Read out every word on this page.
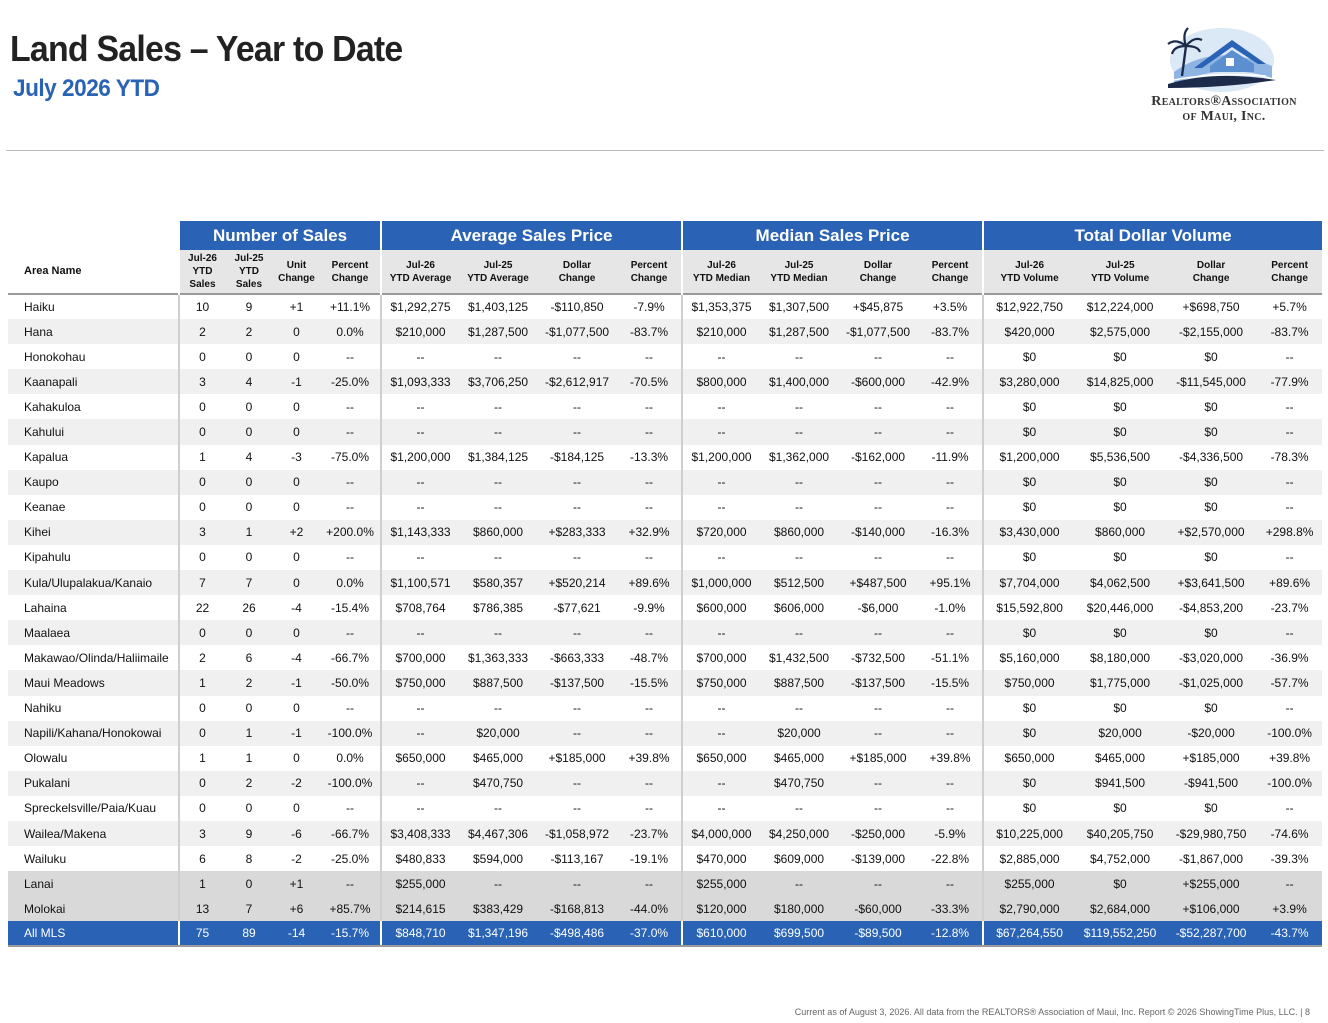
Land Sales – Year to Date
July 2026 YTD	Realtors®Association
of Maui, Inc.
	Number of Sales				Average Sales Price				Median Sales Price				Total Dollar Volume			
Area Name	Jul-26
YTD
Sales	Jul-25
YTD
Sales	Unit
Change	Percent
Change	Jul-26
YTD Average	Jul-25
YTD Average	Dollar
Change	Percent
Change	Jul-26
YTD Median	Jul-25
YTD Median	Dollar
Change	Percent
Change	Jul-26
YTD Volume	Jul-25
YTD Volume	Dollar
Change	Percent
Change
Haiku	10	9	+1	+11.1%	$1,292,275	$1,403,125	-$110,850	-7.9%	$1,353,375	$1,307,500	+$45,875	+3.5%	$12,922,750	$12,224,000	+$698,750	+5.7%
Hana	2	2	0	0.0%	$210,000	$1,287,500	-$1,077,500	-83.7%	$210,000	$1,287,500	-$1,077,500	-83.7%	$420,000	$2,575,000	-$2,155,000	-83.7%
Honokohau	0	0	0	--	--	--	--	--	--	--	--	--	$0	$0	$0	--
Kaanapali	3	4	-1	-25.0%	$1,093,333	$3,706,250	-$2,612,917	-70.5%	$800,000	$1,400,000	-$600,000	-42.9%	$3,280,000	$14,825,000	-$11,545,000	-77.9%
Kahakuloa	0	0	0	--	--	--	--	--	--	--	--	--	$0	$0	$0	--
Kahului	0	0	0	--	--	--	--	--	--	--	--	--	$0	$0	$0	--
Kapalua	1	4	-3	-75.0%	$1,200,000	$1,384,125	-$184,125	-13.3%	$1,200,000	$1,362,000	-$162,000	-11.9%	$1,200,000	$5,536,500	-$4,336,500	-78.3%
Kaupo	0	0	0	--	--	--	--	--	--	--	--	--	$0	$0	$0	--
Keanae	0	0	0	--	--	--	--	--	--	--	--	--	$0	$0	$0	--
Kihei	3	1	+2	+200.0%	$1,143,333	$860,000	+$283,333	+32.9%	$720,000	$860,000	-$140,000	-16.3%	$3,430,000	$860,000	+$2,570,000	+298.8%
Kipahulu	0	0	0	--	--	--	--	--	--	--	--	--	$0	$0	$0	--
Kula/Ulupalakua/Kanaio	7	7	0	0.0%	$1,100,571	$580,357	+$520,214	+89.6%	$1,000,000	$512,500	+$487,500	+95.1%	$7,704,000	$4,062,500	+$3,641,500	+89.6%
Lahaina	22	26	-4	-15.4%	$708,764	$786,385	-$77,621	-9.9%	$600,000	$606,000	-$6,000	-1.0%	$15,592,800	$20,446,000	-$4,853,200	-23.7%
Maalaea	0	0	0	--	--	--	--	--	--	--	--	--	$0	$0	$0	--
Makawao/Olinda/Haliimaile	2	6	-4	-66.7%	$700,000	$1,363,333	-$663,333	-48.7%	$700,000	$1,432,500	-$732,500	-51.1%	$5,160,000	$8,180,000	-$3,020,000	-36.9%
Maui Meadows	1	2	-1	-50.0%	$750,000	$887,500	-$137,500	-15.5%	$750,000	$887,500	-$137,500	-15.5%	$750,000	$1,775,000	-$1,025,000	-57.7%
Nahiku	0	0	0	--	--	--	--	--	--	--	--	--	$0	$0	$0	--
Napili/Kahana/Honokowai	0	1	-1	-100.0%	--	$20,000	--	--	--	$20,000	--	--	$0	$20,000	-$20,000	-100.0%
Olowalu	1	1	0	0.0%	$650,000	$465,000	+$185,000	+39.8%	$650,000	$465,000	+$185,000	+39.8%	$650,000	$465,000	+$185,000	+39.8%
Pukalani	0	2	-2	-100.0%	--	$470,750	--	--	--	$470,750	--	--	$0	$941,500	-$941,500	-100.0%
Spreckelsville/Paia/Kuau	0	0	0	--	--	--	--	--	--	--	--	--	$0	$0	$0	--
Wailea/Makena	3	9	-6	-66.7%	$3,408,333	$4,467,306	-$1,058,972	-23.7%	$4,000,000	$4,250,000	-$250,000	-5.9%	$10,225,000	$40,205,750	-$29,980,750	-74.6%
Wailuku	6	8	-2	-25.0%	$480,833	$594,000	-$113,167	-19.1%	$470,000	$609,000	-$139,000	-22.8%	$2,885,000	$4,752,000	-$1,867,000	-39.3%
Lanai	1	0	+1	--	$255,000	--	--	--	$255,000	--	--	--	$255,000	$0	+$255,000	--
Molokai	13	7	+6	+85.7%	$214,615	$383,429	-$168,813	-44.0%	$120,000	$180,000	-$60,000	-33.3%	$2,790,000	$2,684,000	+$106,000	+3.9%
All MLS	75	89	-14	-15.7%	$848,710	$1,347,196	-$498,486	-37.0%	$610,000	$699,500	-$89,500	-12.8%	$67,264,550	$119,552,250	-$52,287,700	-43.7%
Current as of August 3, 2026. All data from the REALTORS® Association of Maui, Inc. Report © 2026 ShowingTime Plus, LLC. | 8
